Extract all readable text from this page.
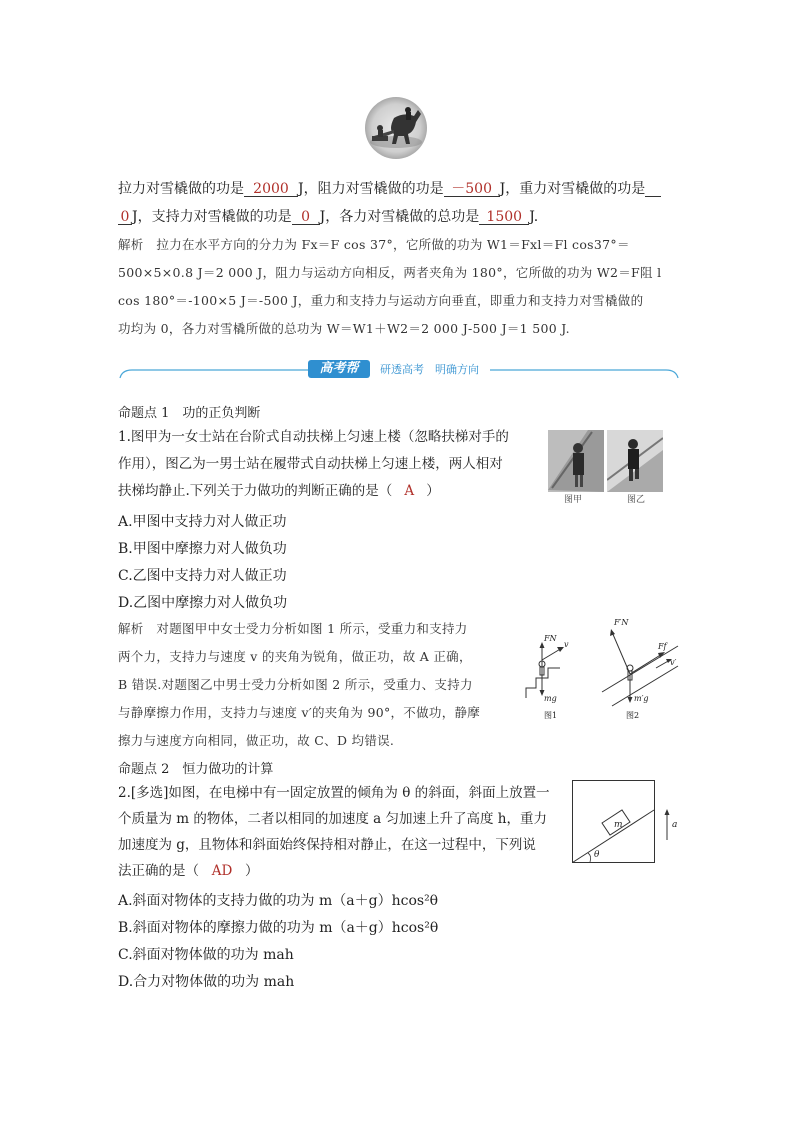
拉力对雪橇做的功是 2000 J，阻力对雪橇做的功是 －500 J，重力对雪橇做的功是
0 J，支持力对雪橇做的功是 0 J，各力对雪橇做的总功是 1500 J.
解析　拉力在水平方向的分力为 Fx＝F cos 37°，它所做的功为 W1＝Fxl＝Fl cos37°＝
500×5×0.8 J＝2 000 J，阻力与运动方向相反，两者夹角为 180°，它所做的功为 W2＝F阻 l
cos 180°＝-100×5 J＝-500 J，重力和支持力与运动方向垂直，即重力和支持力对雪橇做的
功均为 0，各力对雪橇所做的总功为 W＝W1＋W2＝2 000 J-500 J＝1 500 J.
高考帮	研透高考　明确方向
命题点 1　功的正负判断
1.图甲为一女士站在台阶式自动扶梯上匀速上楼（忽略扶梯对手的
作用），图乙为一男士站在履带式自动扶梯上匀速上楼，两人相对
扶梯均静止.下列关于力做功的判断正确的是（ A ）
图甲	图乙
A.甲图中支持力对人做正功
B.甲图中摩擦力对人做负功
C.乙图中支持力对人做正功
D.乙图中摩擦力对人做负功
解析　对题图甲中女士受力分析如图 1 所示，受重力和支持力
两个力，支持力与速度 v 的夹角为锐角，做正功，故 A 正确，
B 错误.对题图乙中男士受力分析如图 2 所示，受重力、支持力
与静摩擦力作用，支持力与速度 v′的夹角为 90°，不做功，静摩
擦力与速度方向相同，做正功，故 C、D 均错误.
FN
v
mg
图1
F′N
Ff
v′
m′g
图2
命题点 2　恒力做功的计算
2.[多选]如图，在电梯中有一固定放置的倾角为 θ 的斜面，斜面上放置一
个质量为 m 的物体，二者以相同的加速度 a 匀加速上升了高度 h，重力
加速度为 g，且物体和斜面始终保持相对静止，在这一过程中，下列说
法正确的是（ AD ）
m	a
θ
A.斜面对物体的支持力做的功为 m（a＋g）hcos²θ
B.斜面对物体的摩擦力做的功为 m（a＋g）hcos²θ
C.斜面对物体做的功为 mah
D.合力对物体做的功为 mah
